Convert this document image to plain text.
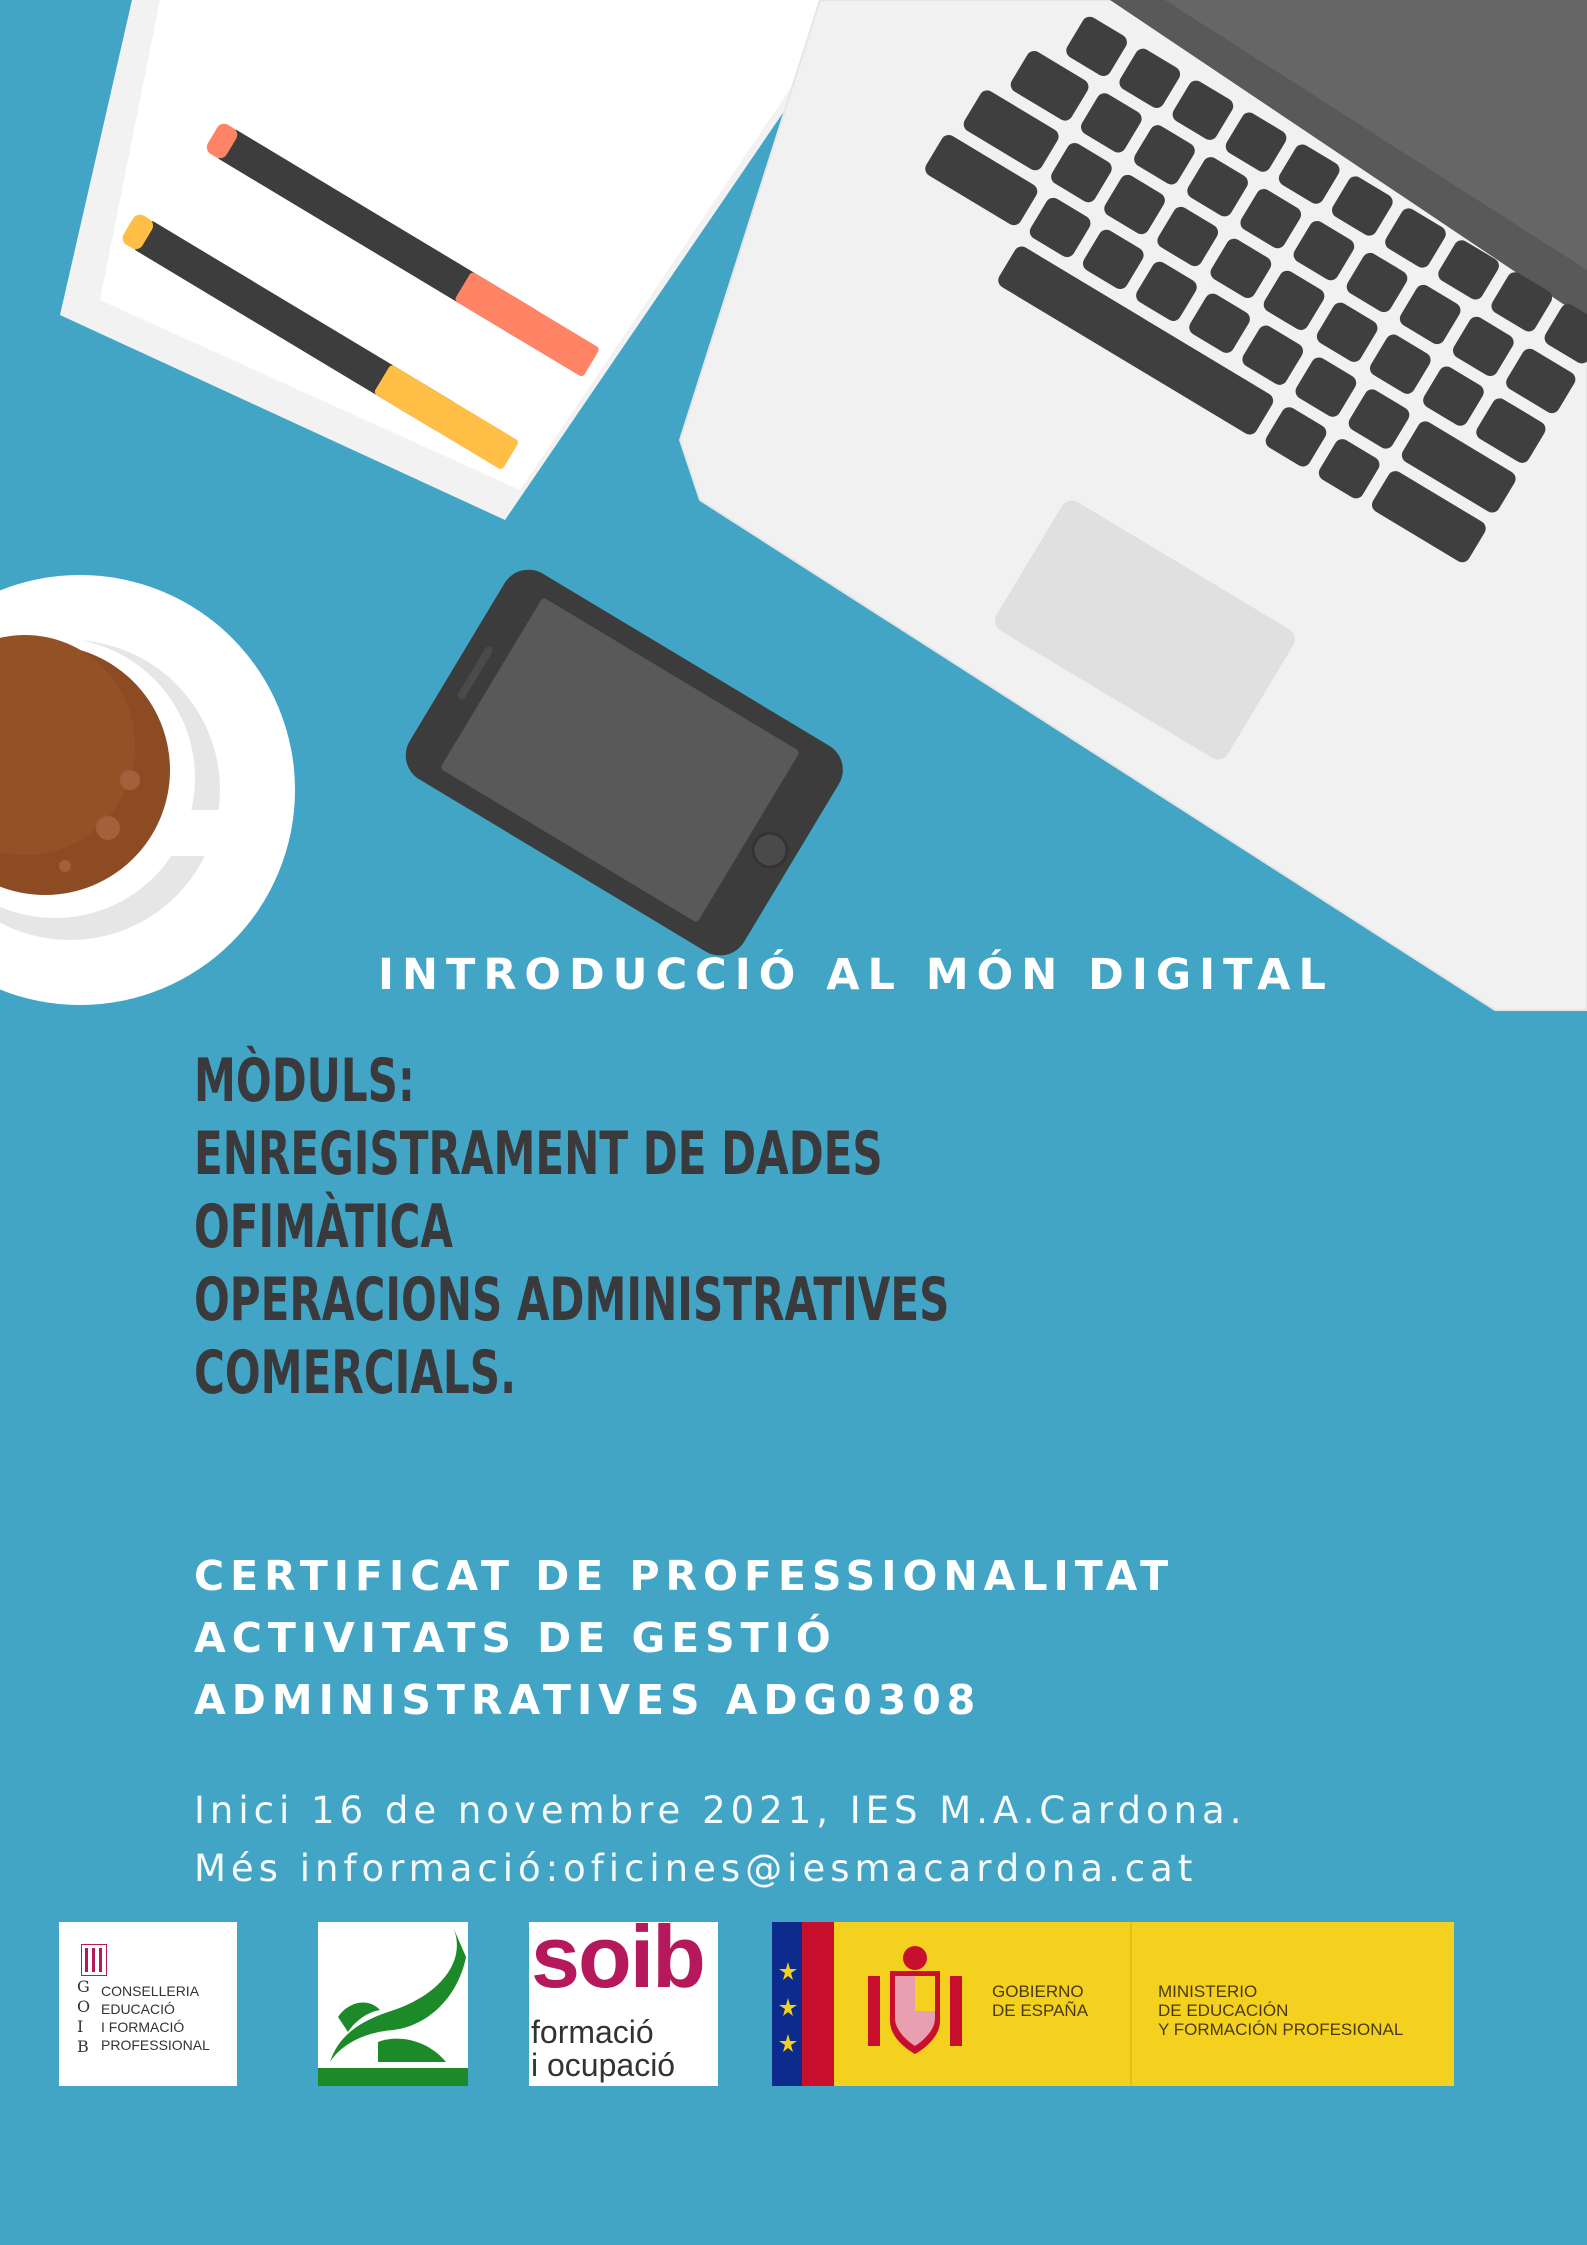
INTRODUCCIÓ AL MÓN DIGITAL
MÒDULS:
ENREGISTRAMENT DE DADES
OFIMÀTICA
OPERACIONS ADMINISTRATIVES
COMERCIALS.
CERTIFICAT DE PROFESSIONALITAT
ACTIVITATS DE GESTIÓ
ADMINISTRATIVES ADG0308
Inici 16 de novembre 2021, IES M.A.Cardona.
Més informació:oficines@iesmacardona.cat
G
O
I
B
CONSELLERIA
EDUCACIÓ
I FORMACIÓ
PROFESSIONAL
soib
formació
i ocupació
GOBIERNO
DE ESPAÑA
MINISTERIO
DE EDUCACIÓN
Y FORMACIÓN PROFESIONAL
